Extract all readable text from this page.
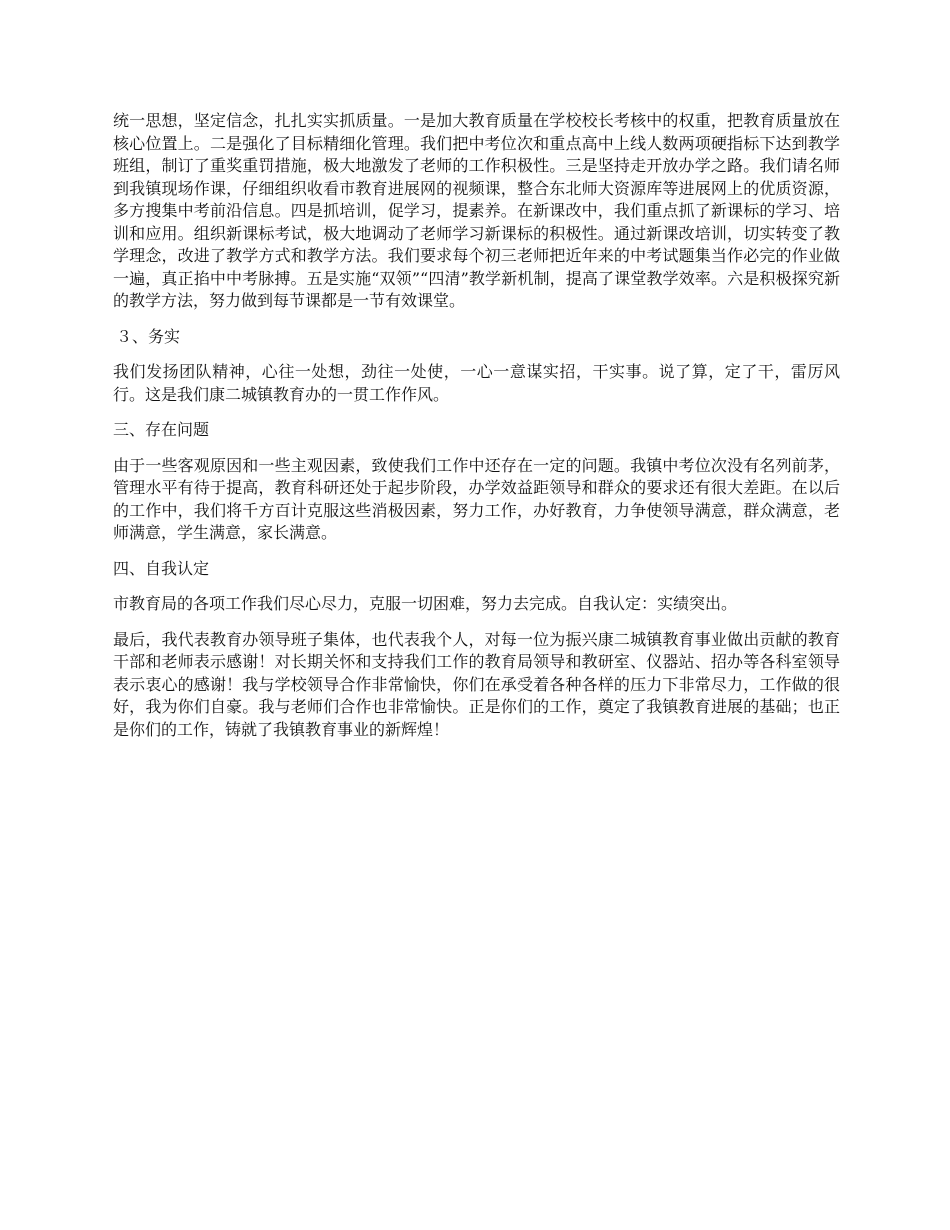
统一思想，坚定信念，扎扎实实抓质量。一是加大教育质量在学校校长考核中的权重，把教育质量放在核心位置上。二是强化了目标精细化管理。我们把中考位次和重点高中上线人数两项硬指标下达到教学班组，制订了重奖重罚措施，极大地激发了老师的工作积极性。三是坚持走开放办学之路。我们请名师到我镇现场作课，仔细组织收看市教育进展网的视频课，整合东北师大资源库等进展网上的优质资源，多方搜集中考前沿信息。四是抓培训，促学习，提素养。在新课改中，我们重点抓了新课标的学习、培训和应用。组织新课标考试，极大地调动了老师学习新课标的积极性。通过新课改培训，切实转变了教学理念，改进了教学方式和教学方法。我们要求每个初三老师把近年来的中考试题集当作必完的作业做一遍，真正掐中中考脉搏。五是实施“双领”“四清”教学新机制，提高了课堂教学效率。六是积极探究新的教学方法，努力做到每节课都是一节有效课堂。

３、务实

我们发扬团队精神，心往一处想，劲往一处使，一心一意谋实招，干实事。说了算，定了干，雷厉风行。这是我们康二城镇教育办的一贯工作作风。

三、存在问题

由于一些客观原因和一些主观因素，致使我们工作中还存在一定的问题。我镇中考位次没有名列前茅，管理水平有待于提高，教育科研还处于起步阶段，办学效益距领导和群众的要求还有很大差距。在以后的工作中，我们将千方百计克服这些消极因素，努力工作，办好教育，力争使领导满意，群众满意，老师满意，学生满意，家长满意。

四、自我认定

市教育局的各项工作我们尽心尽力，克服一切困难，努力去完成。自我认定：实绩突出。

最后，我代表教育办领导班子集体，也代表我个人，对每一位为振兴康二城镇教育事业做出贡献的教育干部和老师表示感谢！对长期关怀和支持我们工作的教育局领导和教研室、仪器站、招办等各科室领导表示衷心的感谢！我与学校领导合作非常愉快，你们在承受着各种各样的压力下非常尽力，工作做的很好，我为你们自豪。我与老师们合作也非常愉快。正是你们的工作，奠定了我镇教育进展的基础；也正是你们的工作，铸就了我镇教育事业的新辉煌！
